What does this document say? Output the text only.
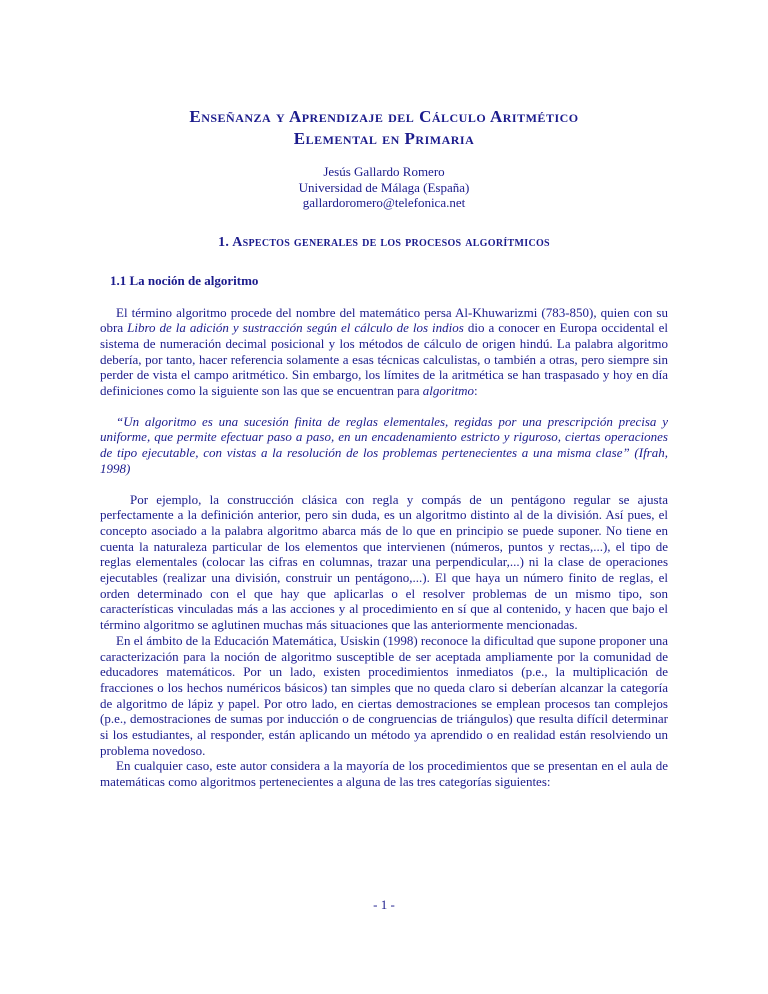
Enseñanza y Aprendizaje del Cálculo Aritmético
Elemental en Primaria
Jesús Gallardo Romero
Universidad de Málaga (España)
gallardoromero@telefonica.net
1. Aspectos generales de los procesos algorítmicos
1.1 La noción de algoritmo

El término algoritmo procede del nombre del matemático persa Al-Khuwarizmi (783-850), quien con su obra Libro de la adición y sustracción según el cálculo de los indios dio a conocer en Europa occidental el sistema de numeración decimal posicional y los métodos de cálculo de origen hindú. La palabra algoritmo debería, por tanto, hacer referencia solamente a esas técnicas calculistas, o también a otras, pero siempre sin perder de vista el campo aritmético. Sin embargo, los límites de la aritmética se han traspasado y hoy en día definiciones como la siguiente son las que se encuentran para algoritmo:

“Un algoritmo es una sucesión finita de reglas elementales, regidas por una prescripción precisa y uniforme, que permite efectuar paso a paso, en un encadenamiento estricto y riguroso, ciertas operaciones de tipo ejecutable, con vistas a la resolución de los problemas pertenecientes a una misma clase” (Ifrah, 1998)

Por ejemplo, la construcción clásica con regla y compás de un pentágono regular se ajusta perfectamente a la definición anterior, pero sin duda, es un algoritmo distinto al de la división. Así pues, el concepto asociado a la palabra algoritmo abarca más de lo que en principio se puede suponer. No tiene en cuenta la naturaleza particular de los elementos que intervienen (números, puntos y rectas,...), el tipo de reglas elementales (colocar las cifras en columnas, trazar una perpendicular,...) ni la clase de operaciones ejecutables (realizar una división, construir un pentágono,...). El que haya un número finito de reglas, el orden determinado con el que hay que aplicarlas o el resolver problemas de un mismo tipo, son características vinculadas más a las acciones y al procedimiento en sí que al contenido, y hacen que bajo el término algoritmo se aglutinen muchas más situaciones que las anteriormente mencionadas.

En el ámbito de la Educación Matemática, Usiskin (1998) reconoce la dificultad que supone proponer una caracterización para la noción de algoritmo susceptible de ser aceptada ampliamente por la comunidad de educadores matemáticos. Por un lado, existen procedimientos inmediatos (p.e., la multiplicación de fracciones o los hechos numéricos básicos) tan simples que no queda claro si deberían alcanzar la categoría de algoritmo de lápiz y papel. Por otro lado, en ciertas demostraciones se emplean procesos tan complejos (p.e., demostraciones de sumas por inducción o de congruencias de triángulos) que resulta difícil determinar si los estudiantes, al responder, están aplicando un método ya aprendido o en realidad están resolviendo un problema novedoso.

En cualquier caso, este autor considera a la mayoría de los procedimientos que se presentan en el aula de matemáticas como algoritmos pertenecientes a alguna de las tres categorías siguientes:

- 1 -
